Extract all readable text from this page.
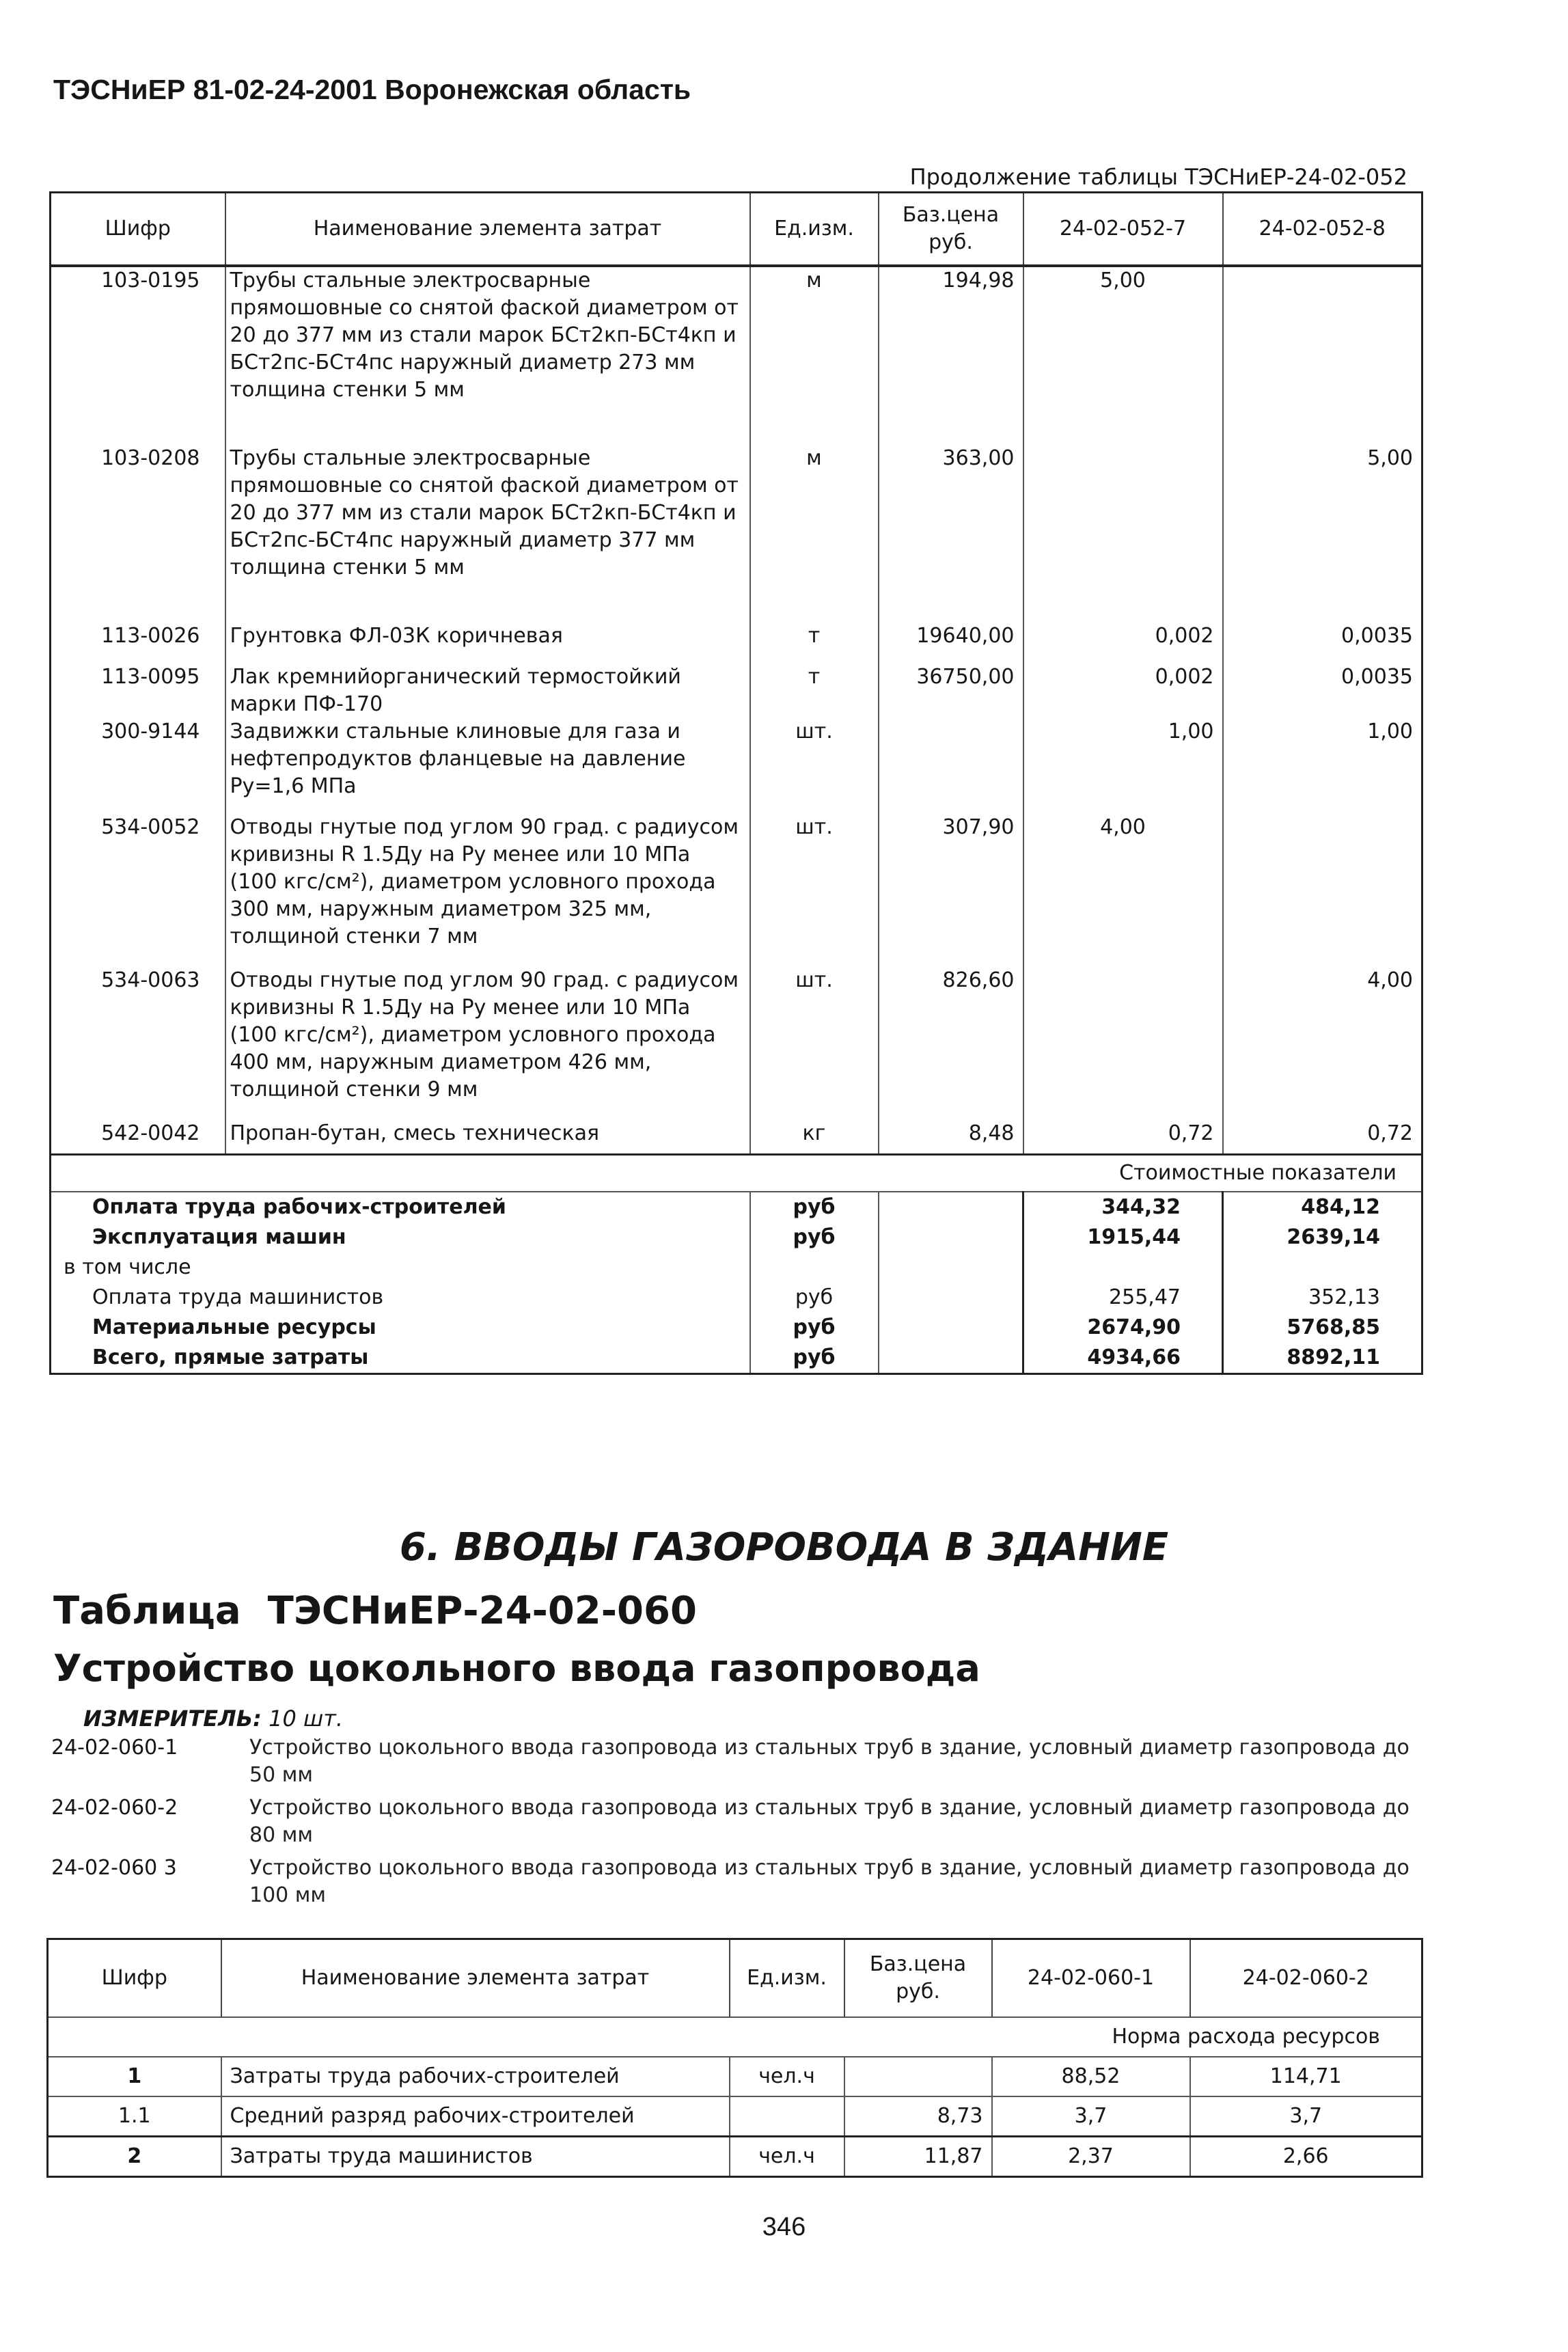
ТЭСНиЕР 81-02-24-2001 Воронежская область
Продолжение таблицы ТЭСНиЕР-24-02-052
Шифр	Наименование элемента затрат	Ед.изм.	Баз.цена руб.	24-02-052-7	24-02-052-8
103-0195	Трубы стальные электросварные прямошовные со снятой фаской диаметром от 20 до 377 мм из стали марок БСт2кп-БСт4кп и БСт2пс-БСт4пс наружный диаметр 273 мм толщина стенки 5 мм	м	194,98	5,00	
103-0208	Трубы стальные электросварные прямошовные со снятой фаской диаметром от 20 до 377 мм из стали марок БСт2кп-БСт4кп и БСт2пс-БСт4пс наружный диаметр 377 мм толщина стенки 5 мм	м	363,00		5,00
113-0026	Грунтовка ФЛ-03К коричневая	т	19640,00	0,002	0,0035
113-0095	Лак кремнийорганический термостойкий марки ПФ-170	т	36750,00	0,002	0,0035
300-9144	Задвижки стальные клиновые для газа и нефтепродуктов фланцевые на давление Ру=1,6 МПа	шт.		1,00	1,00
534-0052	Отводы гнутые под углом 90 град. с радиусом кривизны R 1.5Ду на Ру менее или 10 МПа (100 кгс/см²), диаметром условного прохода 300 мм, наружным диаметром 325 мм, толщиной стенки 7 мм	шт.	307,90	4,00	
534-0063	Отводы гнутые под углом 90 град. с радиусом кривизны R 1.5Ду на Ру менее или 10 МПа (100 кгс/см²), диаметром условного прохода 400 мм, наружным диаметром 426 мм, толщиной стенки 9 мм	шт.	826,60		4,00
542-0042	Пропан-бутан, смесь техническая	кг	8,48	0,72	0,72
Стоимостные показатели					
Оплата труда рабочих-строителей		руб		344,32	484,12
Эксплуатация машин		руб		1915,44	2639,14
в том числе					
Оплата труда машинистов		руб		255,47	352,13
Материальные ресурсы		руб		2674,90	5768,85
Всего, прямые затраты		руб		4934,66	8892,11
6. ВВОДЫ ГАЗОРОВОДА В ЗДАНИЕ
Таблица  ТЭСНиЕР-24-02-060
Устройство цокольного ввода газопровода
ИЗМЕРИТЕЛЬ: 10 шт.
24-02-060-1	Устройство цокольного ввода газопровода из стальных труб в здание, условный диаметр газопровода до 50 мм
24-02-060-2	Устройство цокольного ввода газопровода из стальных труб в здание, условный диаметр газопровода до 80 мм
24-02-060 3	Устройство цокольного ввода газопровода из стальных труб в здание, условный диаметр газопровода до 100 мм
Шифр	Наименование элемента затрат	Ед.изм.	Баз.цена руб.	24-02-060-1	24-02-060-2
Норма расхода ресурсов					
1	Затраты труда рабочих-строителей	чел.ч		88,52	114,71
1.1	Средний разряд рабочих-строителей		8,73	3,7	3,7
2	Затраты труда машинистов	чел.ч	11,87	2,37	2,66
346
